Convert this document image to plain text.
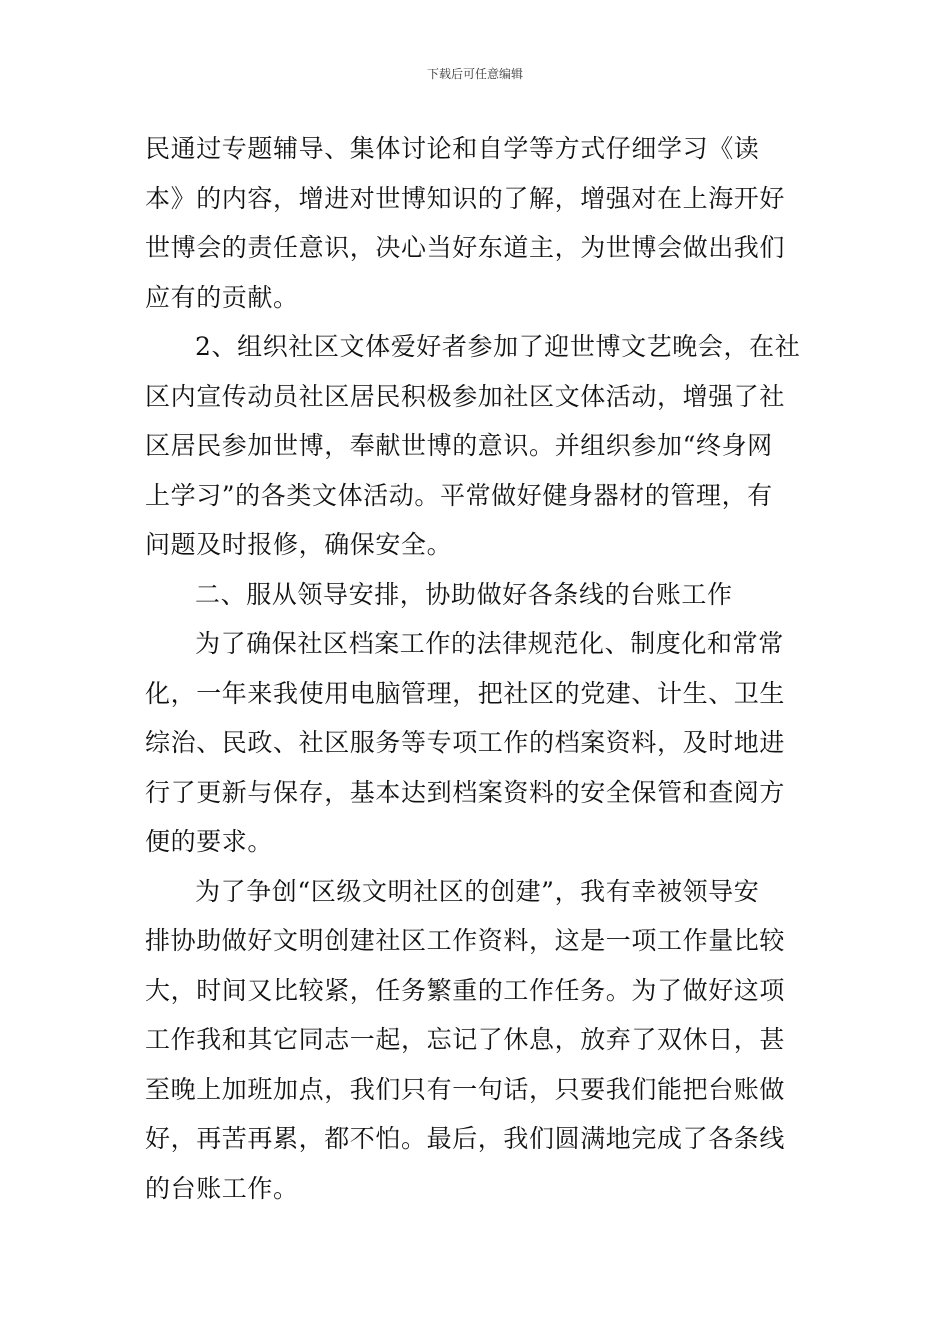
下载后可任意编辑
民通过专题辅导、集体讨论和自学等方式仔细学习《读
本》的内容，增进对世博知识的了解，增强对在上海开好
世博会的责任意识，决心当好东道主，为世博会做出我们
应有的贡献。
2、组织社区文体爱好者参加了迎世博文艺晚会，在社
区内宣传动员社区居民积极参加社区文体活动，增强了社
区居民参加世博，奉献世博的意识。并组织参加“终身网
上学习”的各类文体活动。平常做好健身器材的管理，有
问题及时报修，确保安全。
二、服从领导安排，协助做好各条线的台账工作
为了确保社区档案工作的法律规范化、制度化和常常
化，一年来我使用电脑管理，把社区的党建、计生、卫生
综治、民政、社区服务等专项工作的档案资料，及时地进
行了更新与保存，基本达到档案资料的安全保管和查阅方
便的要求。
为了争创“区级文明社区的创建”，我有幸被领导安
排协助做好文明创建社区工作资料，这是一项工作量比较
大，时间又比较紧，任务繁重的工作任务。为了做好这项
工作我和其它同志一起，忘记了休息，放弃了双休日，甚
至晚上加班加点，我们只有一句话，只要我们能把台账做
好，再苦再累，都不怕。最后，我们圆满地完成了各条线
的台账工作。
